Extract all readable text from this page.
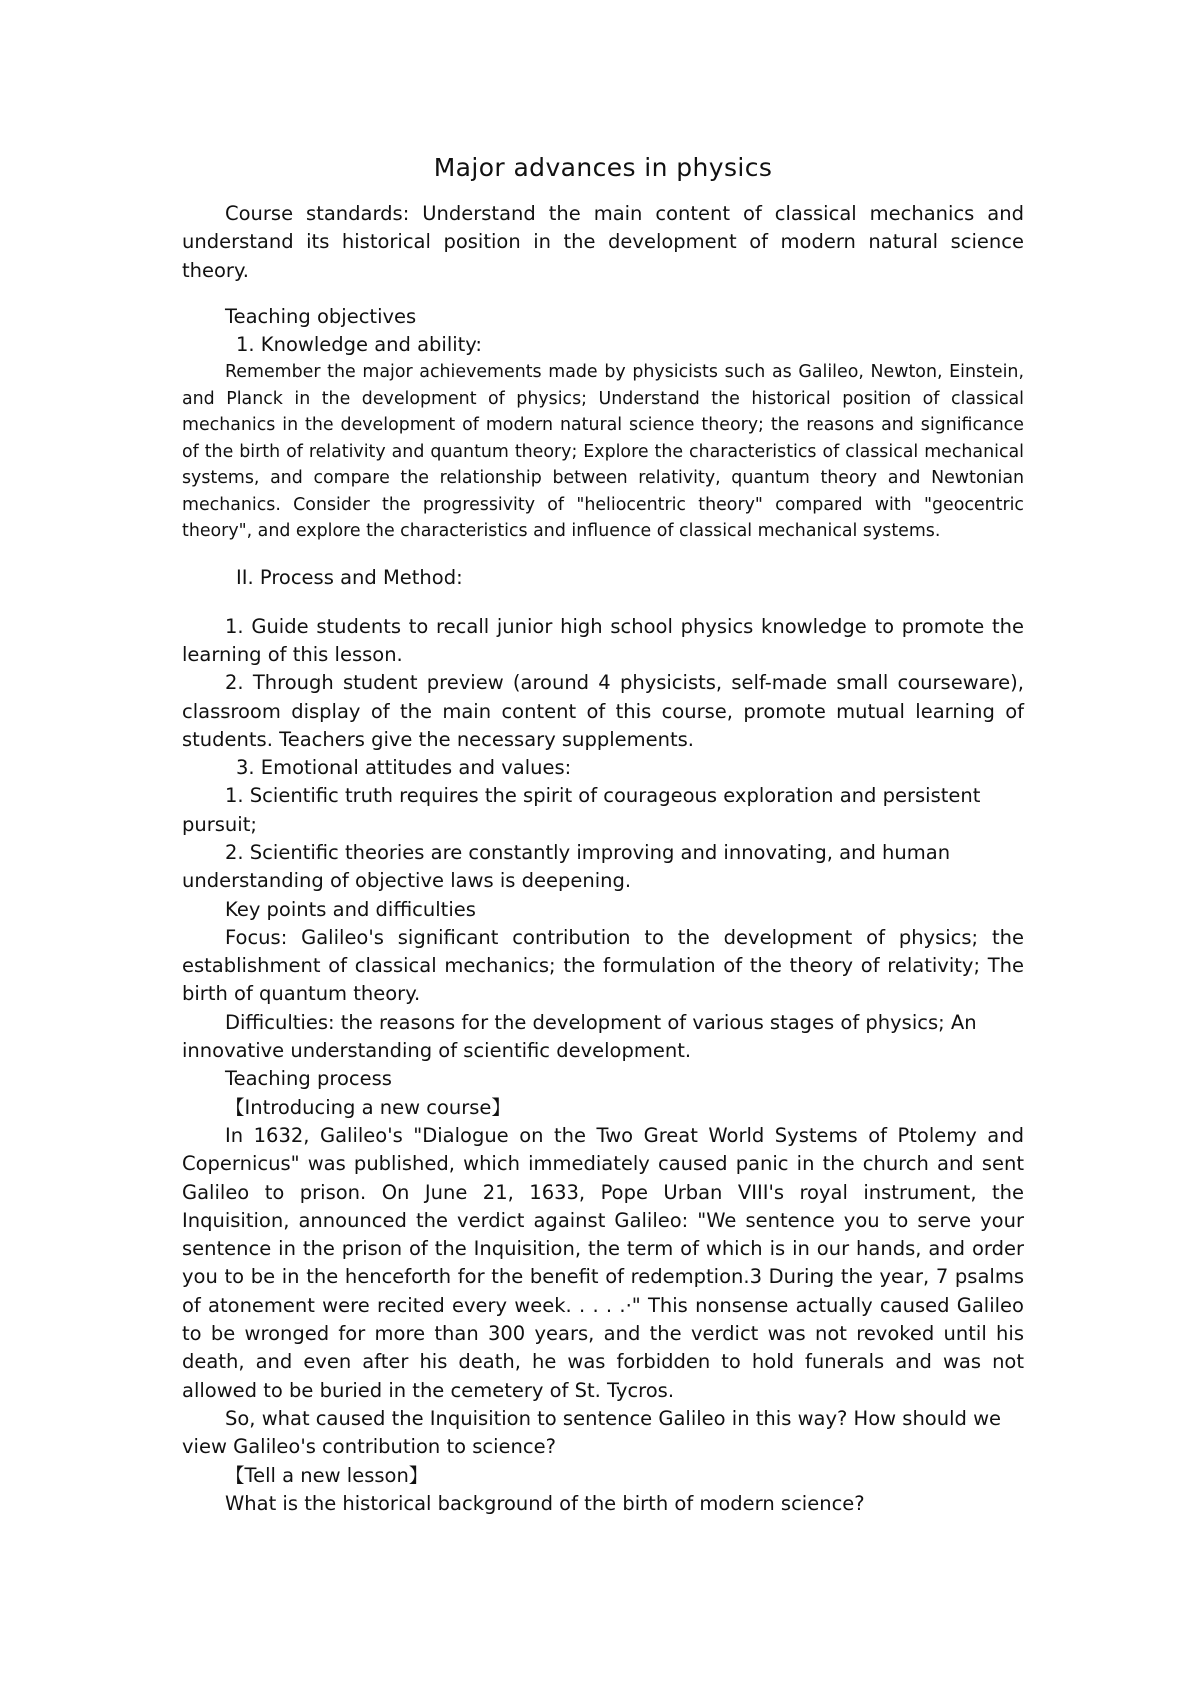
Major advances in physics

Course standards: Understand the main content of classical mechanics and understand its historical position in the development of modern natural science theory.

Teaching objectives

1. Knowledge and ability:

Remember the major achievements made by physicists such as Galileo, Newton, Einstein, and Planck in the development of physics; Understand the historical position of classical mechanics in the development of modern natural science theory; the reasons and significance of the birth of relativity and quantum theory; Explore the characteristics of classical mechanical systems, and compare the relationship between relativity, quantum theory and Newtonian mechanics. Consider the progressivity of "heliocentric theory" compared with "geocentric theory", and explore the characteristics and influence of classical mechanical systems.

II. Process and Method:

1. Guide students to recall junior high school physics knowledge to promote the learning of this lesson.

2. Through student preview (around 4 physicists, self-made small courseware), classroom display of the main content of this course, promote mutual learning of students. Teachers give the necessary supplements.

3. Emotional attitudes and values:

1. Scientific truth requires the spirit of courageous exploration and persistent pursuit;

2. Scientific theories are constantly improving and innovating, and human understanding of objective laws is deepening.

Key points and difficulties

Focus: Galileo's significant contribution to the development of physics; the establishment of classical mechanics; the formulation of the theory of relativity; The birth of quantum theory.

Difficulties: the reasons for the development of various stages of physics; An innovative understanding of scientific development.

Teaching process

【Introducing a new course】

In 1632, Galileo's "Dialogue on the Two Great World Systems of Ptolemy and Copernicus" was published, which immediately caused panic in the church and sent Galileo to prison. On June 21, 1633, Pope Urban VIII's royal instrument, the Inquisition, announced the verdict against Galileo: "We sentence you to serve your sentence in the prison of the Inquisition, the term of which is in our hands, and order you to be in the henceforth for the benefit of redemption.3 During the year, 7 psalms of atonement were recited every week. . . . .·" This nonsense actually caused Galileo to be wronged for more than 300 years, and the verdict was not revoked until his death, and even after his death, he was forbidden to hold funerals and was not allowed to be buried in the cemetery of St. Tycros.

So, what caused the Inquisition to sentence Galileo in this way? How should we view Galileo's contribution to science?

【Tell a new lesson】

What is the historical background of the birth of modern science?
